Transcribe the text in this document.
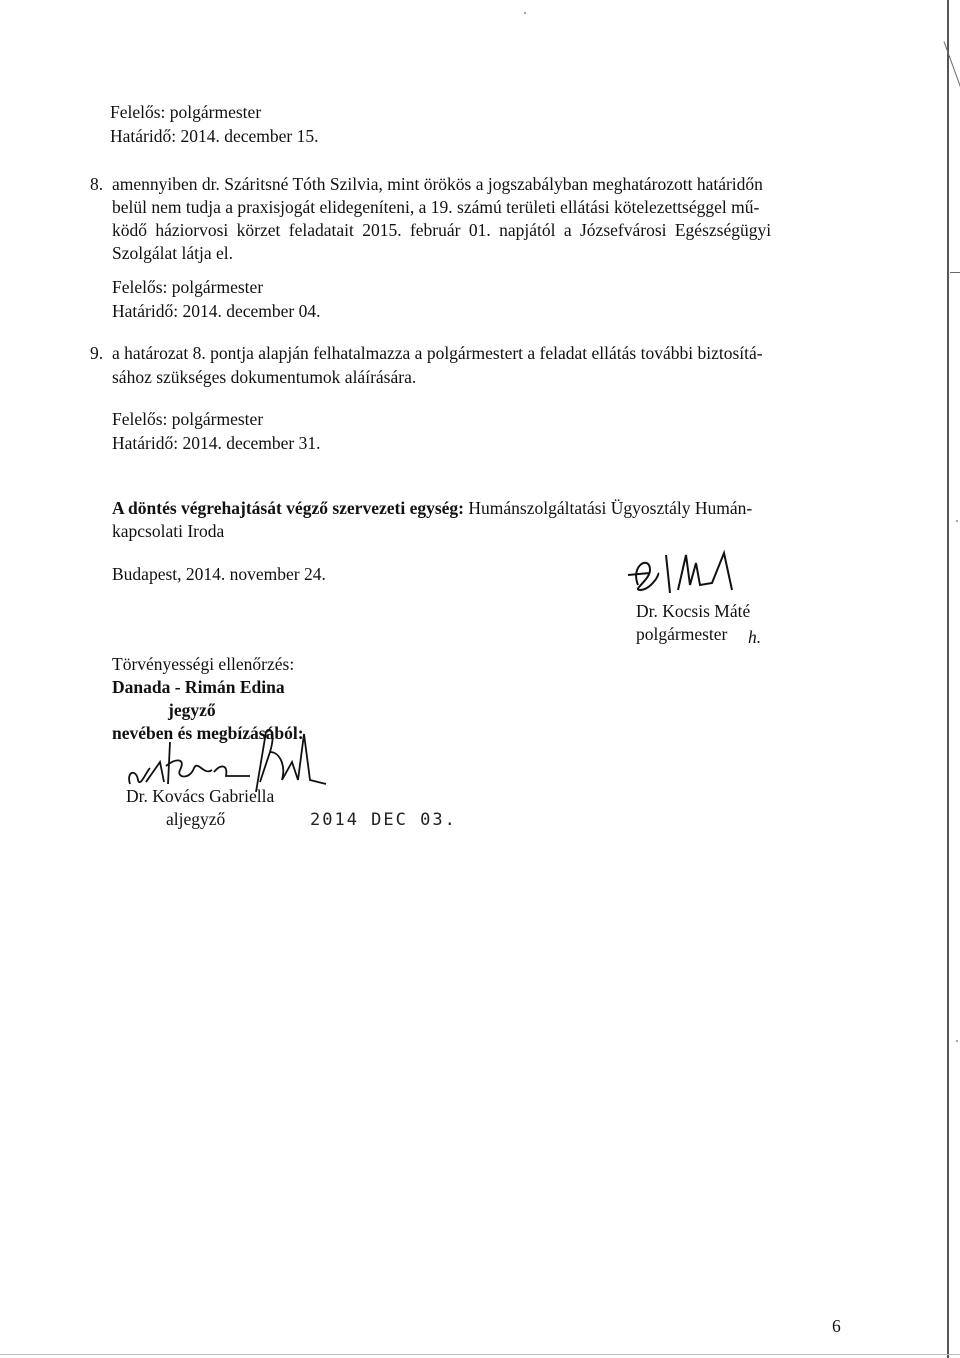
Felelős: polgármester
Határidő: 2014. december 15.
8. amennyiben dr. Száritsné Tóth Szilvia, mint örökös a jogszabályban meghatározott határidőn
belül nem tudja a praxisjogát elidegeníteni, a 19. számú területi ellátási kötelezettséggel mű-
ködő háziorvosi körzet feladatait 2015. február 01. napjától a Józsefvárosi Egészségügyi
Szolgálat látja el.
Felelős: polgármester
Határidő: 2014. december 04.
9. a határozat 8. pontja alapján felhatalmazza a polgármestert a feladat ellátás további biztosítá-
sához szükséges dokumentumok aláírására.
Felelős: polgármester
Határidő: 2014. december 31.
A döntés végrehajtását végző szervezeti egység: Humánszolgáltatási Ügyosztály Humán-
kapcsolati Iroda
Budapest, 2014. november 24.
Dr. Kocsis Máté
polgármester h.
Törvényességi ellenőrzés:
Danada - Rimán Edina
jegyző
nevében és megbízásából:
Dr. Kovács Gabriella
aljegyző	2014 DEC 03.
6
